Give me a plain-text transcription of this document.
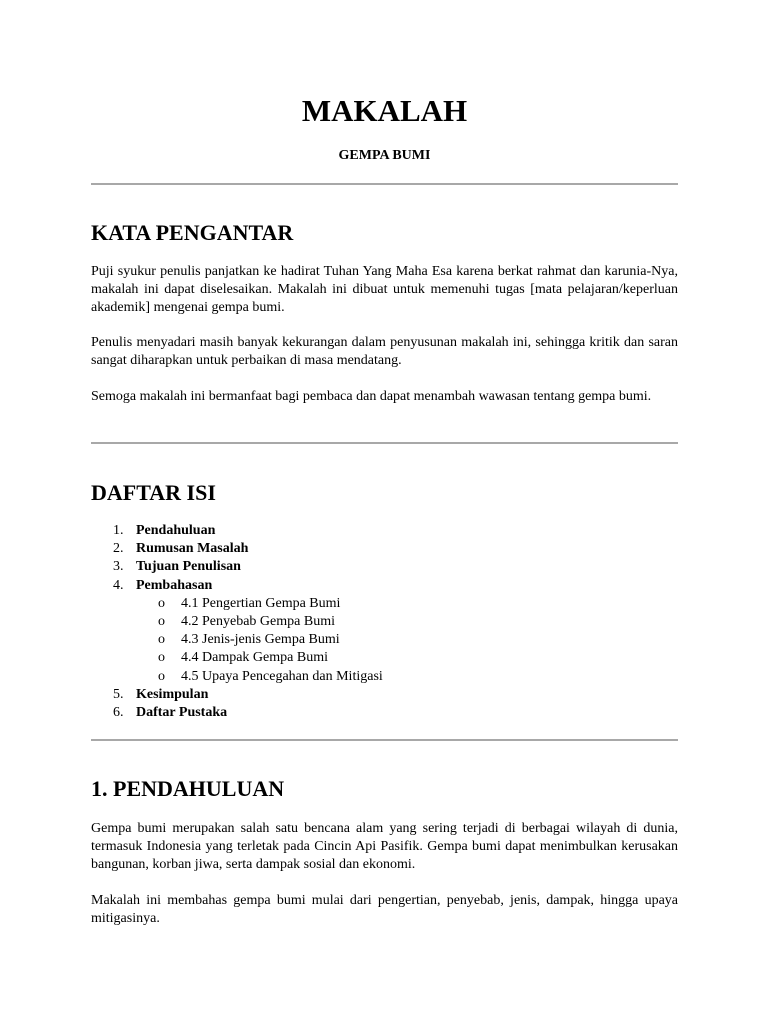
MAKALAH
GEMPA BUMI
KATA PENGANTAR

Puji syukur penulis panjatkan ke hadirat Tuhan Yang Maha Esa karena berkat rahmat dan karunia-Nya, makalah ini dapat diselesaikan. Makalah ini dibuat untuk memenuhi tugas [mata pelajaran/keperluan akademik] mengenai gempa bumi.

Penulis menyadari masih banyak kekurangan dalam penyusunan makalah ini, sehingga kritik dan saran sangat diharapkan untuk perbaikan di masa mendatang.

Semoga makalah ini bermanfaat bagi pembaca dan dapat menambah wawasan tentang gempa bumi.

DAFTAR ISI
1. Pendahuluan
2. Rumusan Masalah
3. Tujuan Penulisan
4. Pembahasan
o 4.1 Pengertian Gempa Bumi
o 4.2 Penyebab Gempa Bumi
o 4.3 Jenis-jenis Gempa Bumi
o 4.4 Dampak Gempa Bumi
o 4.5 Upaya Pencegahan dan Mitigasi
5. Kesimpulan
6. Daftar Pustaka
1. PENDAHULUAN

Gempa bumi merupakan salah satu bencana alam yang sering terjadi di berbagai wilayah di dunia, termasuk Indonesia yang terletak pada Cincin Api Pasifik. Gempa bumi dapat menimbulkan kerusakan bangunan, korban jiwa, serta dampak sosial dan ekonomi.

Makalah ini membahas gempa bumi mulai dari pengertian, penyebab, jenis, dampak, hingga upaya mitigasinya.
